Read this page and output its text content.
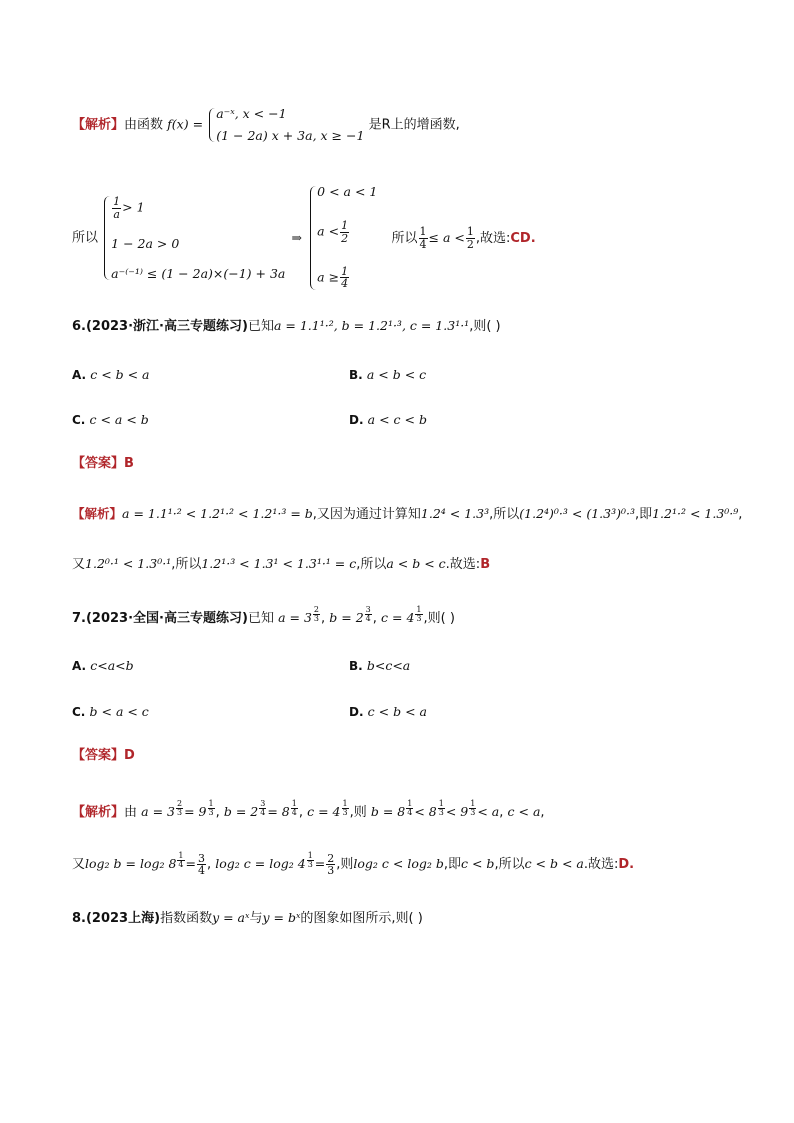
【解析】由函数 f(x) =
a⁻ˣ, x < −1
(1 − 2a) x + 3a, x ≥ −1
是R上的增函数,
所以
$\frac{1}{a} > 1$
1 − 2a > 0
a⁻⁽⁻¹⁾ ≤ (1 − 2a)×(−1) + 3a
⇒
0 < a < 1
$a < \frac{1}{2}$
$a \ge \frac{1}{4}$
所以 $\frac{1}{4} \le a < \frac{1}{2}$ ,故选:CD.
6.(2023·浙江·高三专题练习)已知a = 1.1¹·², b = 1.2¹·³, c = 1.3¹·¹,则( )
A. c < b < a	B. a < b < c
C. c < a < b	D. a < c < b
【答案】B
【解析】a = 1.1¹·² < 1.2¹·² < 1.2¹·³ = b,又因为通过计算知1.2⁴ < 1.3³,所以(1.2⁴)⁰·³ < (1.3³)⁰·³,即1.2¹·² < 1.3⁰·⁹,
又1.2⁰·¹ < 1.3⁰·¹,所以1.2¹·³ < 1.3¹ < 1.3¹·¹ = c,所以a < b < c.故选:B
7.(2023·全国·高三专题练习)已知 a = 3 $^{\frac{2}{3}}$ , b = 2 $^{\frac{3}{4}}$ , c = 4 $^{\frac{1}{3}}$ ,则( )
A. c<a<b	B. b<c<a
C. b < a < c	D. c < b < a
【答案】D
【解析】由 a = 3 $^{\frac{2}{3}}$ = 9 $^{\frac{1}{3}}$ , b = 2 $^{\frac{3}{4}}$ = 8 $^{\frac{1}{4}}$ , c = 4 $^{\frac{1}{3}}$ ,则 b = 8 $^{\frac{1}{4}}$ < 8 $^{\frac{1}{3}}$ < 9 $^{\frac{1}{3}}$ < a, c < a,
又log₂ b = log₂ 8 $^{\frac{1}{4}} = \frac{3}{4}$ , log₂ c = log₂ 4 $^{\frac{1}{3}} = \frac{2}{3}$ ,则log₂ c < log₂ b,即c < b,所以c < b < a.故选:D.
8.(2023上海)指数函数y = aˣ与y = bˣ的图象如图所示,则( )
